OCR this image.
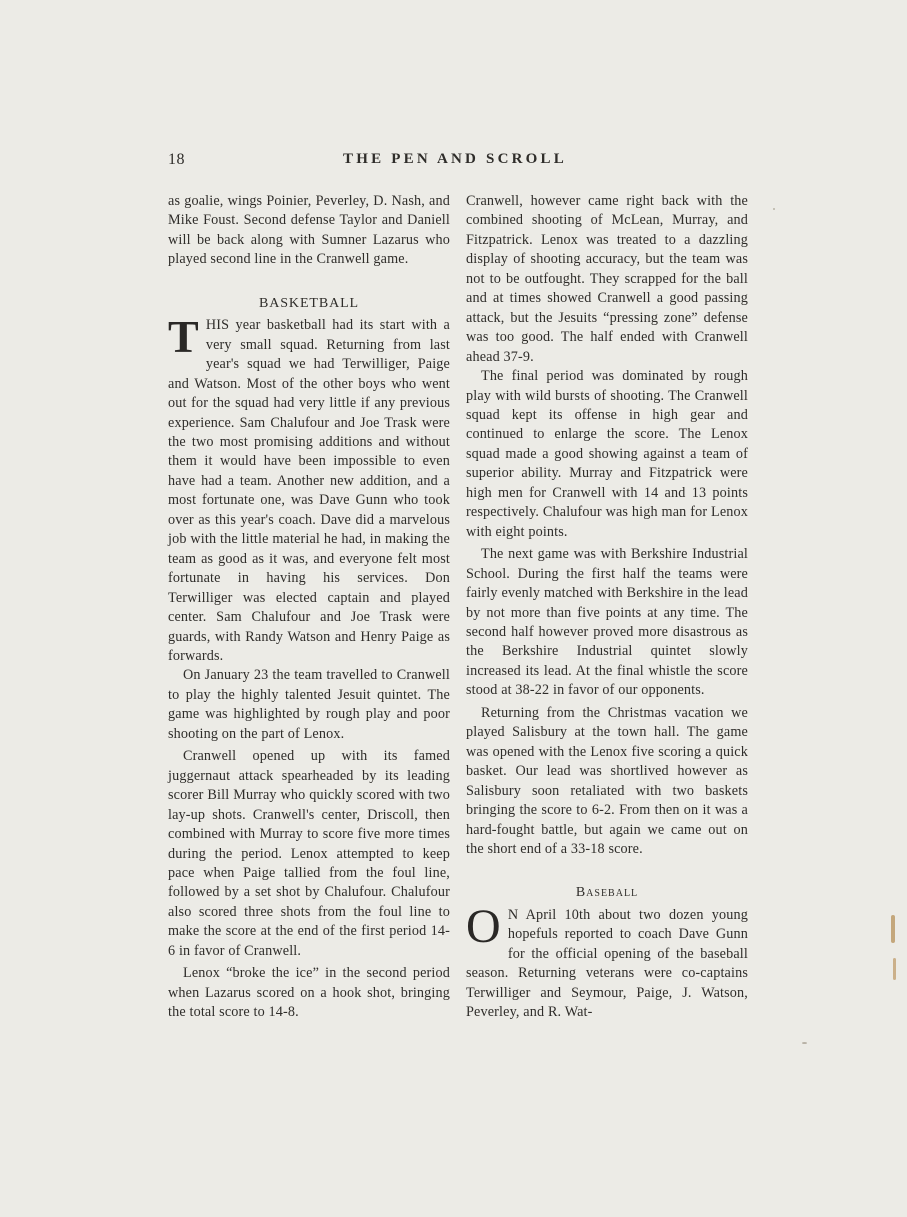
18	THE PEN AND SCROLL

as goalie, wings Poinier, Peverley, D. Nash, and Mike Foust. Second defense Taylor and Daniell will be back along with Sumner Lazarus who played second line in the Cranwell game.

BASKETBALL

THIS year basketball had its start with a very small squad. Returning from last year's squad we had Terwilliger, Paige and Watson. Most of the other boys who went out for the squad had very little if any previous experience. Sam Chalufour and Joe Trask were the two most promising additions and without them it would have been impossible to even have had a team. Another new addition, and a most fortunate one, was Dave Gunn who took over as this year's coach. Dave did a marvelous job with the little material he had, in making the team as good as it was, and everyone felt most fortunate in having his services. Don Terwilliger was elected captain and played center. Sam Chalufour and Joe Trask were guards, with Randy Watson and Henry Paige as forwards.

On January 23 the team travelled to Cranwell to play the highly talented Jesuit quintet. The game was highlighted by rough play and poor shooting on the part of Lenox.

Cranwell opened up with its famed juggernaut attack spearheaded by its leading scorer Bill Murray who quickly scored with two lay-up shots. Cranwell's center, Driscoll, then combined with Murray to score five more times during the period. Lenox attempted to keep pace when Paige tallied from the foul line, followed by a set shot by Chalufour. Chalufour also scored three shots from the foul line to make the score at the end of the first period 14-6 in favor of Cranwell.

Lenox “broke the ice” in the second period when Lazarus scored on a hook shot, bringing the total score to 14-8.

Cranwell, however came right back with the combined shooting of McLean, Murray, and Fitzpatrick. Lenox was treated to a dazzling display of shooting accuracy, but the team was not to be outfought. They scrapped for the ball and at times showed Cranwell a good passing attack, but the Jesuits “pressing zone” defense was too good. The half ended with Cranwell ahead 37-9.

The final period was dominated by rough play with wild bursts of shooting. The Cranwell squad kept its offense in high gear and continued to enlarge the score. The Lenox squad made a good showing against a team of superior ability. Murray and Fitzpatrick were high men for Cranwell with 14 and 13 points respectively. Chalufour was high man for Lenox with eight points.

The next game was with Berkshire Industrial School. During the first half the teams were fairly evenly matched with Berkshire in the lead by not more than five points at any time. The second half however proved more disastrous as the Berkshire Industrial quintet slowly increased its lead. At the final whistle the score stood at 38-22 in favor of our opponents.

Returning from the Christmas vacation we played Salisbury at the town hall. The game was opened with the Lenox five scoring a quick basket. Our lead was shortlived however as Salisbury soon retaliated with two baskets bringing the score to 6-2. From then on it was a hard-fought battle, but again we came out on the short end of a 33-18 score.

Baseball

O N April 10th about two dozen young hopefuls reported to coach Dave Gunn for the official opening of the baseball season. Returning veterans were co-captains Terwilliger and Seymour, Paige, J. Watson, Peverley, and R. Wat-
